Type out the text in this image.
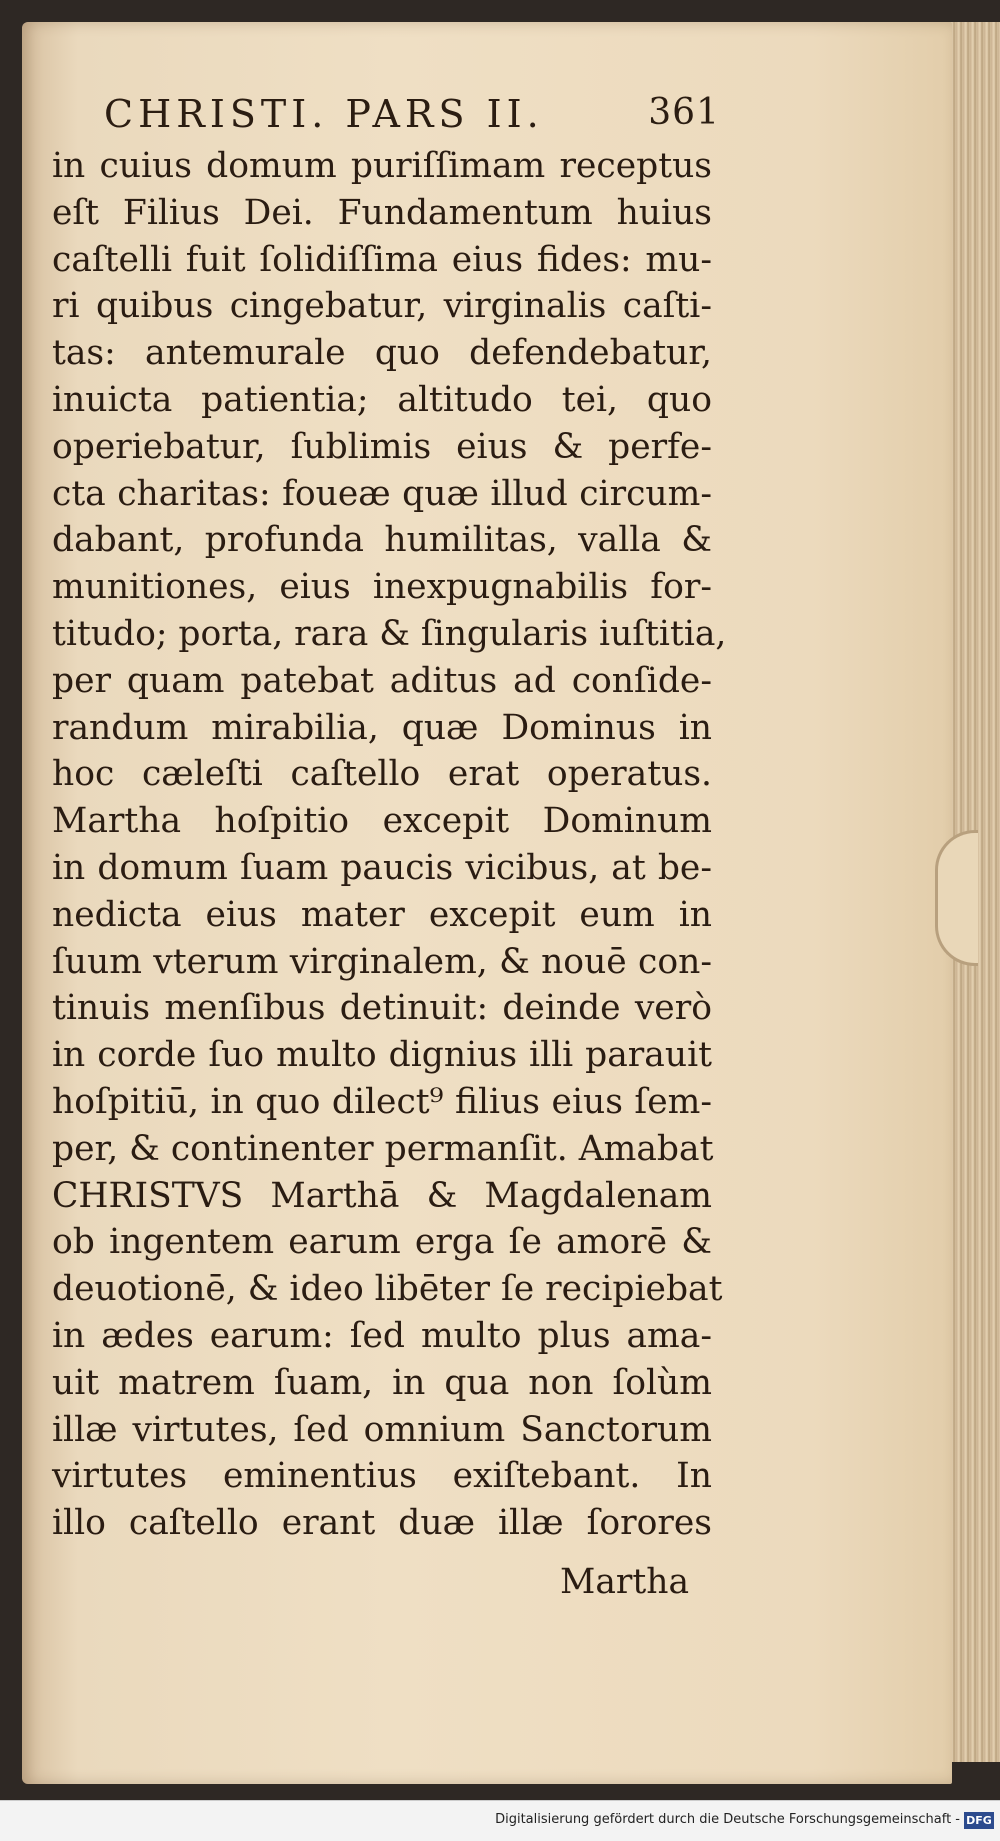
CHRISTI. PARS II.	361
in cuius domum puriſſimam receptus
eſt Filius Dei. Fundamentum huius
caſtelli fuit ſolidiſſima eius fides: mu-
ri quibus cingebatur, virginalis caſti-
tas: antemurale quo defendebatur,
inuicta patientia; altitudo tei, quo
operiebatur, ſublimis eius & perfe-
cta charitas: foueæ quæ illud circum-
dabant, profunda humilitas, valla &
munitiones, eius inexpugnabilis for-
titudo; porta, rara & ſingularis iuſtitia,
per quam patebat aditus ad conſide-
randum mirabilia, quæ Dominus in
hoc cæleſti caſtello erat operatus.
Martha hoſpitio excepit Dominum
in domum ſuam paucis vicibus, at be-
nedicta eius mater excepit eum in
ſuum vterum virginalem, & nouē con-
tinuis menſibus detinuit: deinde verò
in corde ſuo multo dignius illi parauit
hoſpitiū, in quo dilect⁹ filius eius ſem-
per, & continenter permanſit. Amabat
CHRISTVS Marthā & Magdalenam
ob ingentem earum erga ſe amorē &
deuotionē, & ideo libēter ſe recipiebat
in ædes earum: ſed multo plus ama-
uit matrem ſuam, in qua non ſolùm
illæ virtutes, ſed omnium Sanctorum
virtutes eminentius exiſtebant. In
illo caſtello erant duæ illæ ſorores
Martha
Digitalisierung gefördert durch die Deutsche Forschungsgemeinschaft - DFG
